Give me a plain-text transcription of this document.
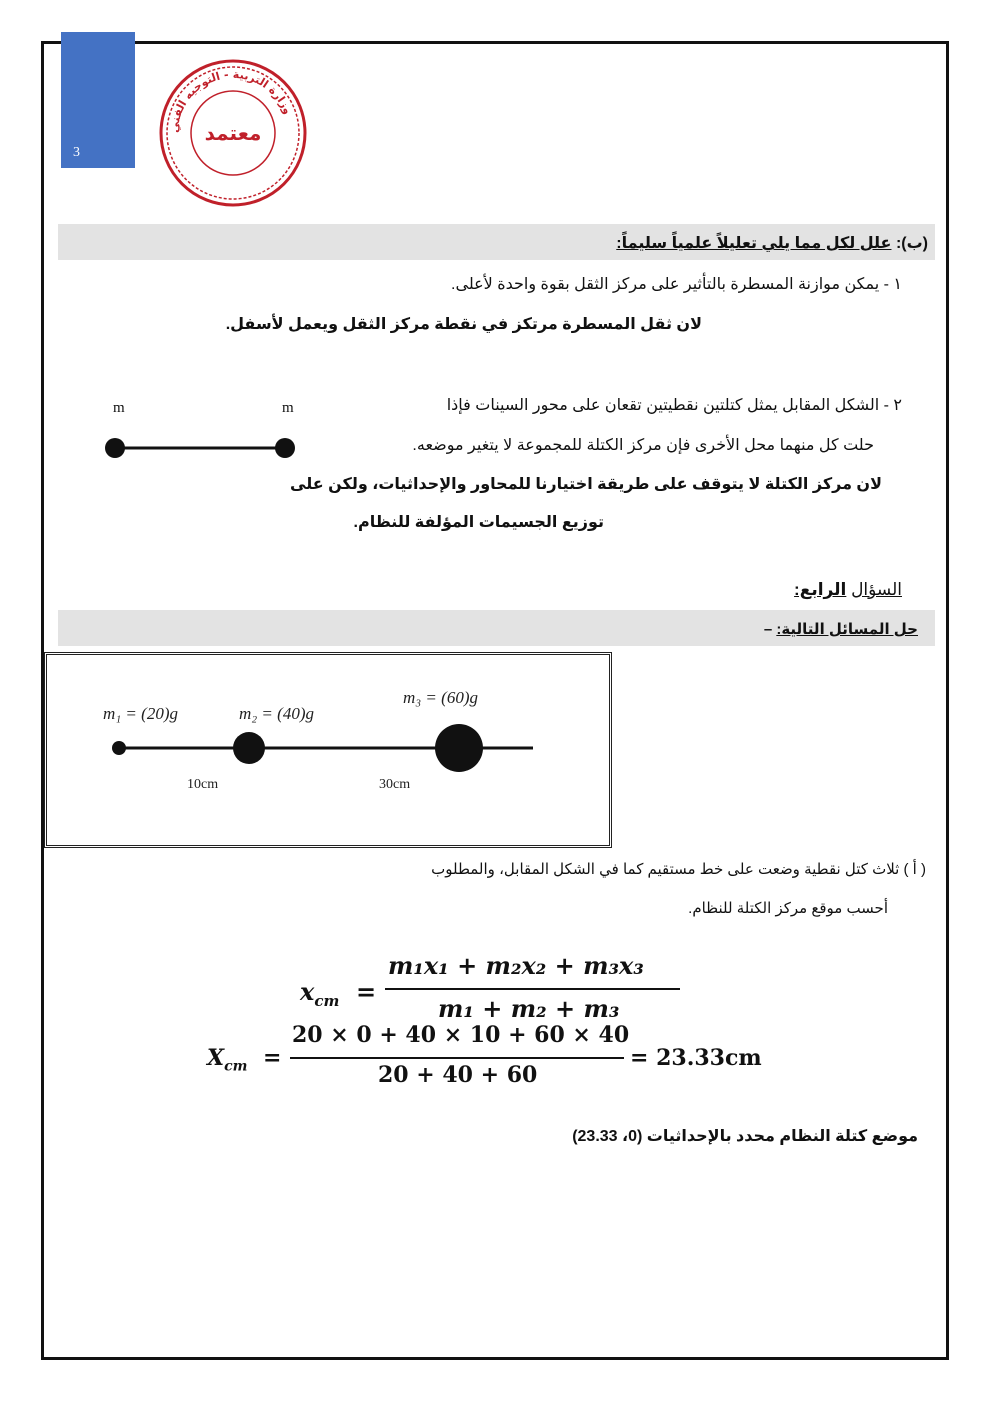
3
وزارة التربية - التوجيه الفني
معتمد
(ب): علل لكل مما يلي تعليلاً علمياً سليماً:
١ - يمكن موازنة المسطرة بالتأثير على مركز الثقل بقوة واحدة لأعلى.
لان ثقل المسطرة مرتكز في نقطة مركز الثقل ويعمل لأسفل.
٢ - الشكل المقابل يمثل كتلتين نقطيتين تقعان على محور السينات فإذا
حلت كل منهما محل الأخرى فإن مركز الكتلة للمجموعة لا يتغير موضعه.
لان مركز الكتلة لا يتوقف على طريقة اختيارنا للمحاور والإحداثيات، ولكن على
توزيع الجسيمات المؤلفة للنظام.
m	m
السؤال الرابع:
حل المسائل التالية: –
m₁ = (20)g	m₂ = (40)g
m₃ = (60)g
10cm	30cm
( أ ) ثلاث كتل نقطية وضعت على خط مستقيم كما في الشكل المقابل، والمطلوب
أحسب موقع مركز الكتلة للنظام.
$x_{cm}$ =
m₁x₁ + m₂x₂ + m₃x₃
m₁ + m₂ + m₃
$X_{cm}$ =
20 × 0 + 40 × 10 + 60 × 40
20 + 40 + 60
= 23.33cm
موضع كتلة النظام محدد بالإحداثيات (0، 23.33)
